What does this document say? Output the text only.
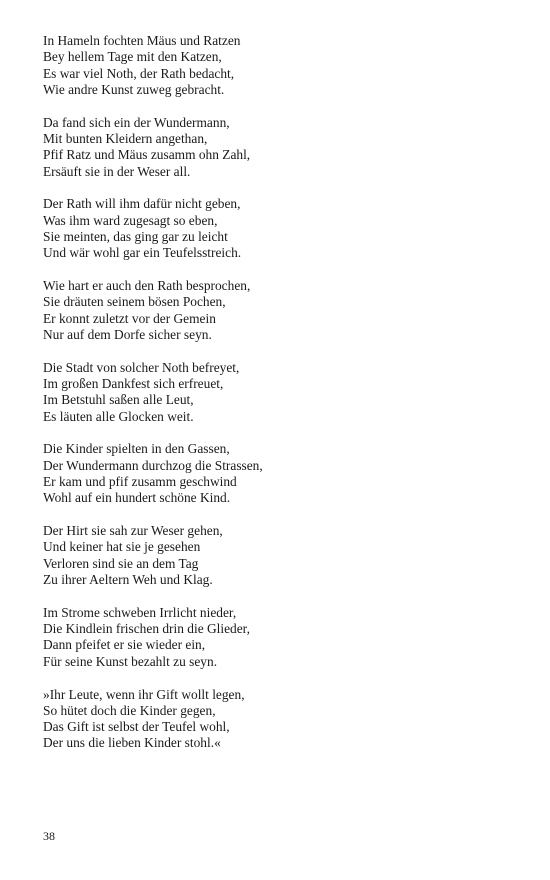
In Hameln fochten Mäus und Ratzen
Bey hellem Tage mit den Katzen,
Es war viel Noth, der Rath bedacht,
Wie andre Kunst zuweg gebracht.
Da fand sich ein der Wundermann,
Mit bunten Kleidern angethan,
Pfif Ratz und Mäus zusamm ohn Zahl,
Ersäuft sie in der Weser all.
Der Rath will ihm dafür nicht geben,
Was ihm ward zugesagt so eben,
Sie meinten, das ging gar zu leicht
Und wär wohl gar ein Teufelsstreich.
Wie hart er auch den Rath besprochen,
Sie dräuten seinem bösen Pochen,
Er konnt zuletzt vor der Gemein
Nur auf dem Dorfe sicher seyn.
Die Stadt von solcher Noth befreyet,
Im großen Dankfest sich erfreuet,
Im Betstuhl saßen alle Leut,
Es läuten alle Glocken weit.
Die Kinder spielten in den Gassen,
Der Wundermann durchzog die Strassen,
Er kam und pfif zusamm geschwind
Wohl auf ein hundert schöne Kind.
Der Hirt sie sah zur Weser gehen,
Und keiner hat sie je gesehen
Verloren sind sie an dem Tag
Zu ihrer Aeltern Weh und Klag.
Im Strome schweben Irrlicht nieder,
Die Kindlein frischen drin die Glieder,
Dann pfeifet er sie wieder ein,
Für seine Kunst bezahlt zu seyn.
»Ihr Leute, wenn ihr Gift wollt legen,
So hütet doch die Kinder gegen,
Das Gift ist selbst der Teufel wohl,
Der uns die lieben Kinder stohl.«
38
